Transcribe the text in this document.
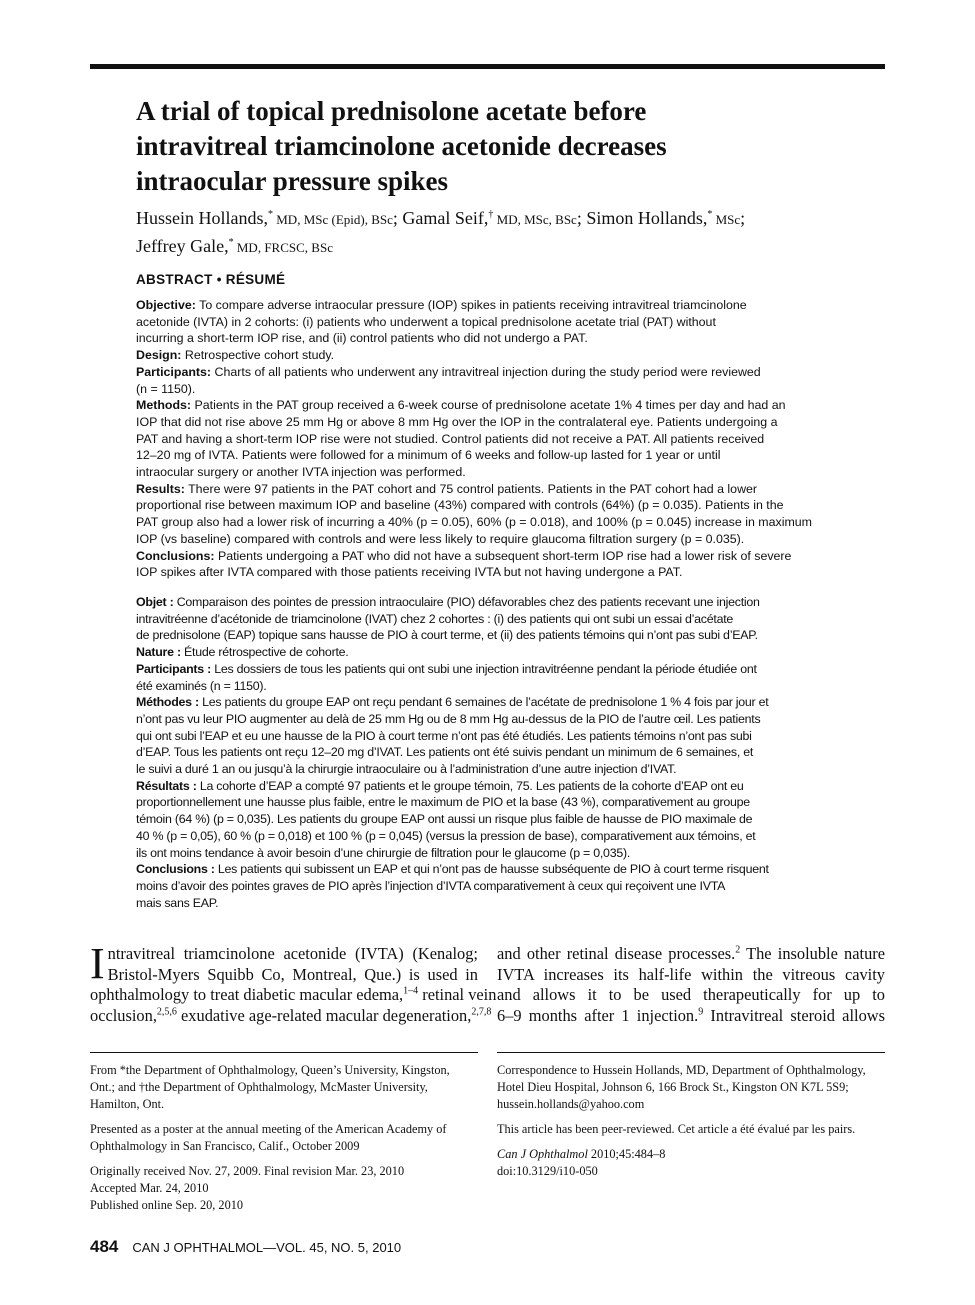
A trial of topical prednisolone acetate before
intravitreal triamcinolone acetonide decreases
intraocular pressure spikes
Hussein Hollands,* MD, MSc (Epid), BSc; Gamal Seif,† MD, MSc, BSc; Simon Hollands,* MSc;
Jeffrey Gale,* MD, FRCSC, BSc
ABSTRACT • RÉSUMÉ

Objective: To compare adverse intraocular pressure (IOP) spikes in patients receiving intravitreal triamcinolone
acetonide (IVTA) in 2 cohorts: (i) patients who underwent a topical prednisolone acetate trial (PAT) without
incurring a short-term IOP rise, and (ii) control patients who did not undergo a PAT.

Design: Retrospective cohort study.

Participants: Charts of all patients who underwent any intravitreal injection during the study period were reviewed
(n = 1150).

Methods: Patients in the PAT group received a 6-week course of prednisolone acetate 1% 4 times per day and had an
IOP that did not rise above 25 mm Hg or above 8 mm Hg over the IOP in the contralateral eye. Patients undergoing a
PAT and having a short-term IOP rise were not studied. Control patients did not receive a PAT. All patients received
12–20 mg of IVTA. Patients were followed for a minimum of 6 weeks and follow-up lasted for 1 year or until
intraocular surgery or another IVTA injection was performed.

Results: There were 97 patients in the PAT cohort and 75 control patients. Patients in the PAT cohort had a lower
proportional rise between maximum IOP and baseline (43%) compared with controls (64%) (p = 0.035). Patients in the
PAT group also had a lower risk of incurring a 40% (p = 0.05), 60% (p = 0.018), and 100% (p = 0.045) increase in maximum
IOP (vs baseline) compared with controls and were less likely to require glaucoma filtration surgery (p = 0.035).

Conclusions: Patients undergoing a PAT who did not have a subsequent short-term IOP rise had a lower risk of severe
IOP spikes after IVTA compared with those patients receiving IVTA but not having undergone a PAT.

Objet : Comparaison des pointes de pression intraoculaire (PIO) défavorables chez des patients recevant une injection
intravitréenne d’acétonide de triamcinolone (IVAT) chez 2 cohortes : (i) des patients qui ont subi un essai d’acétate
de prednisolone (EAP) topique sans hausse de PIO à court terme, et (ii) des patients témoins qui n’ont pas subi d’EAP.

Nature : Étude rétrospective de cohorte.

Participants : Les dossiers de tous les patients qui ont subi une injection intravitréenne pendant la période étudiée ont
été examinés (n = 1150).

Méthodes : Les patients du groupe EAP ont reçu pendant 6 semaines de l’acétate de prednisolone 1 % 4 fois par jour et
n’ont pas vu leur PIO augmenter au delà de 25 mm Hg ou de 8 mm Hg au-dessus de la PIO de l’autre œil. Les patients
qui ont subi l’EAP et eu une hausse de la PIO à court terme n’ont pas été étudiés. Les patients témoins n’ont pas subi
d’EAP. Tous les patients ont reçu 12–20 mg d’IVAT. Les patients ont été suivis pendant un minimum de 6 semaines, et
le suivi a duré 1 an ou jusqu’à la chirurgie intraoculaire ou à l’administration d’une autre injection d’IVAT.

Résultats : La cohorte d’EAP a compté 97 patients et le groupe témoin, 75. Les patients de la cohorte d’EAP ont eu
proportionnellement une hausse plus faible, entre le maximum de PIO et la base (43 %), comparativement au groupe
témoin (64 %) (p = 0,035). Les patients du groupe EAP ont aussi un risque plus faible de hausse de PIO maximale de
40 % (p = 0,05), 60 % (p = 0,018) et 100 % (p = 0,045) (versus la pression de base), comparativement aux témoins, et
ils ont moins tendance à avoir besoin d’une chirurgie de filtration pour le glaucome (p = 0,035).

Conclusions : Les patients qui subissent un EAP et qui n’ont pas de hausse subséquente de PIO à court terme risquent
moins d’avoir des pointes graves de PIO après l’injection d’IVTA comparativement à ceux qui reçoivent une IVTA
mais sans EAP.

I ntravitreal triamcinolone acetonide (IVTA) (Kenalog;
Bristol-Myers Squibb Co, Montreal, Que.) is used in
ophthalmology to treat diabetic macular edema,$^{1-4}$ retinal vein
occlusion,$^{2,5,6}$ exudative age-related macular degeneration,$^{2,7,8}$
and other retinal disease processes.$^2$ The insoluble nature
IVTA increases its half-life within the vitreous cavity
and allows it to be used therapeutically for up to
6–9 months after 1 injection.$^9$ Intravitreal steroid allows
From *the Department of Ophthalmology, Queen’s University, Kingston,
Ont.; and †the Department of Ophthalmology, McMaster University,
Hamilton, Ont.
Presented as a poster at the annual meeting of the American Academy of
Ophthalmology in San Francisco, Calif., October 2009
Originally received Nov. 27, 2009. Final revision Mar. 23, 2010
Accepted Mar. 24, 2010
Published online Sep. 20, 2010
Correspondence to Hussein Hollands, MD, Department of Ophthalmology,
Hotel Dieu Hospital, Johnson 6, 166 Brock St., Kingston ON K7L 5S9;
hussein.hollands@yahoo.com
This article has been peer-reviewed. Cet article a été évalué par les pairs.
Can J Ophthalmol 2010;45:484–8
doi:10.3129/i10-050
484 CAN J OPHTHALMOL—VOL. 45, NO. 5, 2010
